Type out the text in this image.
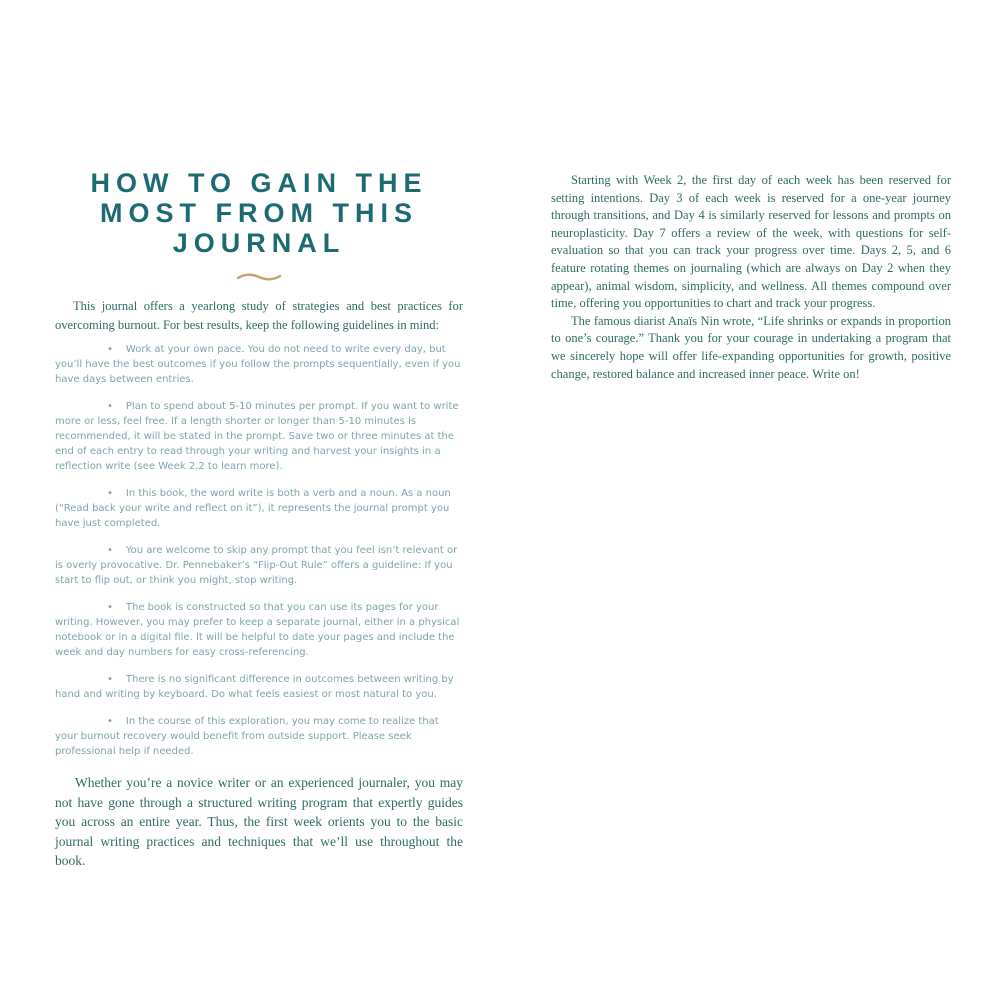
HOW TO GAIN THE
MOST FROM THIS
JOURNAL

This journal offers a yearlong study of strategies and best practices for overcoming burnout. For best results, keep the following guidelines in mind:

• Work at your own pace. You do not need to write every day, but you’ll have the best outcomes if you follow the prompts sequentially, even if you have days between entries.
• Plan to spend about 5-10 minutes per prompt. If you want to write more or less, feel free. If a length shorter or longer than 5-10 minutes is recommended, it will be stated in the prompt. Save two or three minutes at the end of each entry to read through your writing and harvest your insights in a reflection write (see Week 2.2 to learn more).
• In this book, the word write is both a verb and a noun. As a noun (“Read back your write and reflect on it”), it represents the journal prompt you have just completed.
• You are welcome to skip any prompt that you feel isn’t relevant or is overly provocative. Dr. Pennebaker’s “Flip-Out Rule” offers a guideline: If you start to flip out, or think you might, stop writing.
• The book is constructed so that you can use its pages for your writing. However, you may prefer to keep a separate journal, either in a physical notebook or in a digital file. It will be helpful to date your pages and include the week and day numbers for easy cross-referencing.
• There is no significant difference in outcomes between writing by hand and writing by keyboard. Do what feels easiest or most natural to you.
• In the course of this exploration, you may come to realize that your burnout recovery would benefit from outside support. Please seek professional help if needed.

Whether you’re a novice writer or an experienced journaler, you may not have gone through a structured writing program that expertly guides you across an entire year. Thus, the first week orients you to the basic journal writing practices and techniques that we’ll use throughout the book.

Starting with Week 2, the first day of each week has been reserved for setting intentions. Day 3 of each week is reserved for a one-year journey through transitions, and Day 4 is similarly reserved for lessons and prompts on neuroplasticity. Day 7 offers a review of the week, with questions for self-evaluation so that you can track your progress over time. Days 2, 5, and 6 feature rotating themes on journaling (which are always on Day 2 when they appear), animal wisdom, simplicity, and wellness. All themes compound over time, offering you opportunities to chart and track your progress.

The famous diarist Anaïs Nin wrote, “Life shrinks or expands in proportion to one’s courage.” Thank you for your courage in undertaking a program that we sincerely hope will offer life-expanding opportunities for growth, positive change, restored balance and increased inner peace. Write on!
